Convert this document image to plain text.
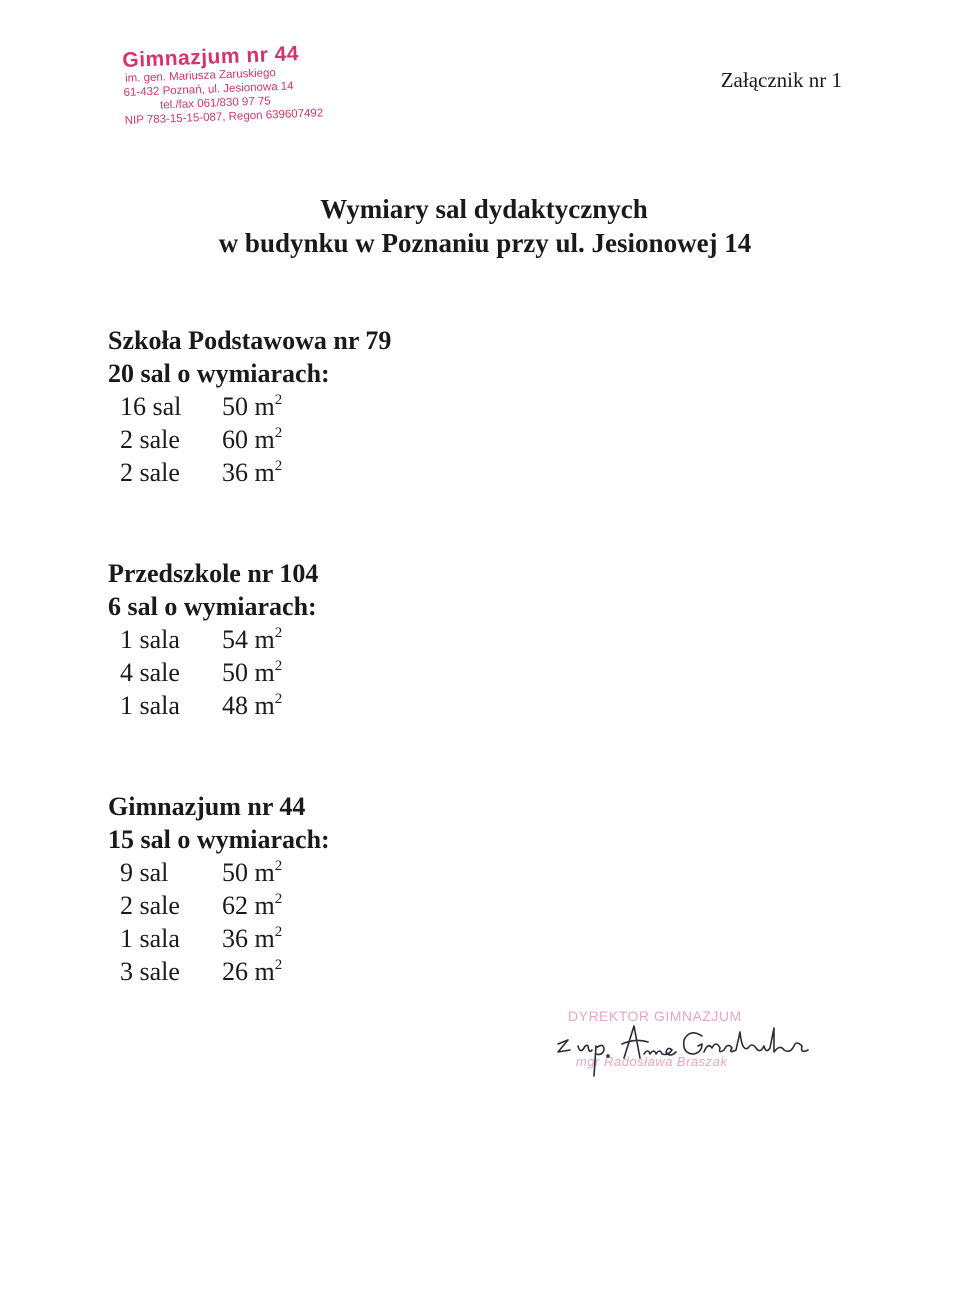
Gimnazjum nr 44
im. gen. Mariusza Zaruskiego
61-432 Poznań, ul. Jesionowa 14
tel./fax 061/830 97 75
NIP 783-15-15-087, Regon 639607492
Załącznik nr 1
Wymiary sal dydaktycznych
w budynku w Poznaniu przy ul. Jesionowej 14
Szkoła Podstawowa nr 79
20 sal o wymiarach:
16 sal	50 $m^2$
2 sale	60 $m^2$
2 sale	36 $m^2$
Przedszkole nr 104
6 sal o wymiarach:
1 sala	54 $m^2$
4 sale	50 $m^2$
1 sala	48 $m^2$
Gimnazjum nr 44
15 sal o wymiarach:
9 sal	50 $m^2$
2 sale	62 $m^2$
1 sala	36 $m^2$
3 sale	26 $m^2$
DYREKTOR GIMNAZJUM
mgr Radosława Braszak
